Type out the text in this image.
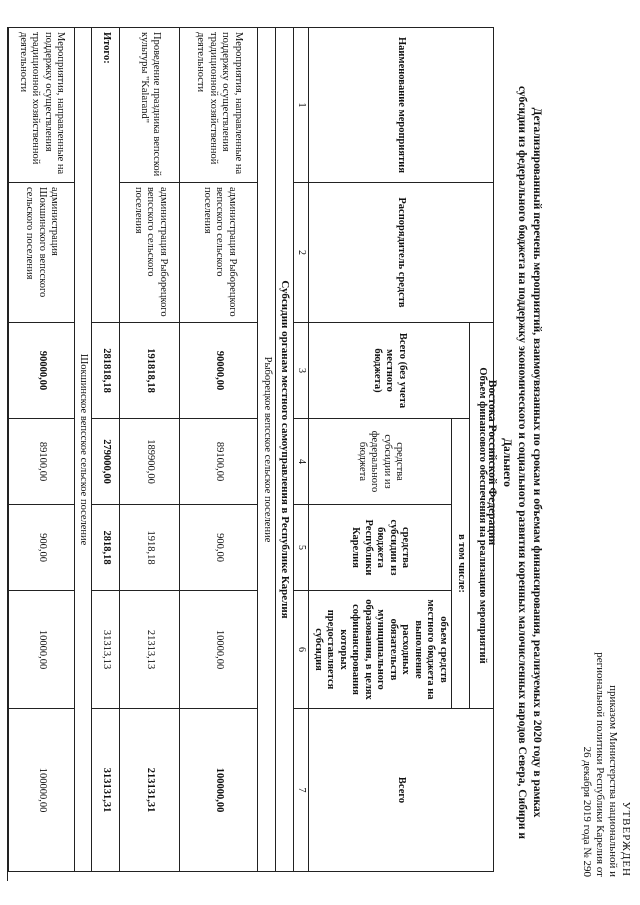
УТВЕРЖДЕН
приказом Министерства национальной и
региональной политики Республики Карелия от
26 декабря 2019 года № 290
Детализированный перечень мероприятий, взаимоувязанных по срокам и объемам финансирования, реализуемых в 2020 году в рамках
субсидии из федерального бюджета на поддержку экономического и социального развития коренных малочисленных народов Севера, Сибири и Дальнего
Востока Российской Федерации
Наименование мероприятия	Распорядитель средств	Объем финансового обеспечения на реализацию мероприятий				Всего
		Всего (без учета местного бюджета)	в том числе:			
			средства субсидии из федерального бюджета	средства субсидии из бюджета Республики Карелия	объем средств местного бюджета на выполнение расходных обязательств муниципального образования, в целях софинансирования которых предоставляется субсидия	
1	2	3	4	5	6	7
Субсидии органам местного самоуправления в Республике Карелия						
Рыборецкое вепсское сельское поселение						
Мероприятия, направленные на поддержку осуществления традиционной хозяйственной деятельности	администрация Рыборецкого вепсского сельского поселения	90000,00	89100,00	900,00	10000,00	100000,00
Проведение праздника вепсской культуры "Kalarand"	администрация Рыборецкого вепсского сельского поселения	191818,18	189900,00	1918,18	21313,13	213131,31
Итого:		281818,18	279000,00	2818,18	31313,13	313131,31
Шокшинское вепсское сельское поселение						
Мероприятия, направленные на поддержку осуществления традиционной хозяйственной деятельности	администрация Шокшинского вепсского сельского поселения	90000,00	89100,00	900,00	10000,00	100000,00
